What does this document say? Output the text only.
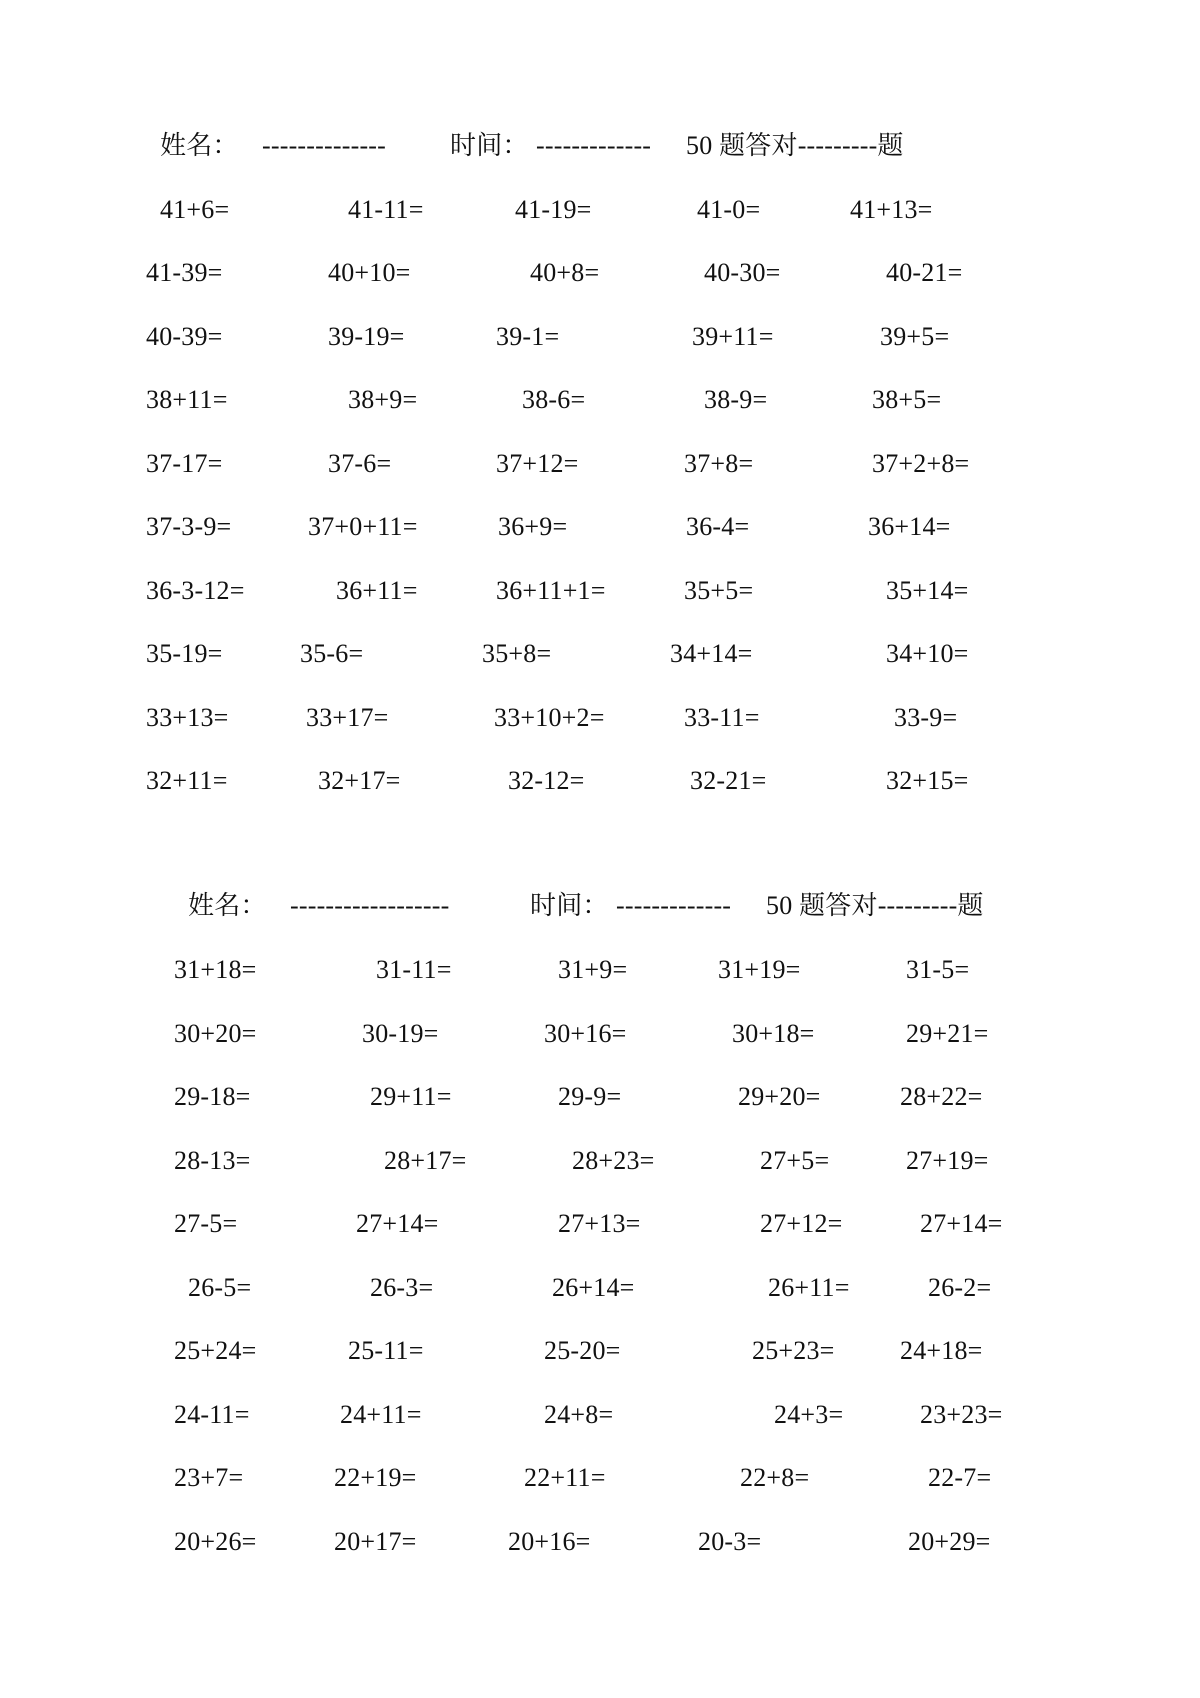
姓名： -------------- 时间： ------------- 50 题答对---------题
41+6=	41-11=	41-19=	41-0=	41+13=
41-39=	40+10=	40+8=	40-30=	40-21=
40-39=	39-19=	39-1=	39+11=	39+5=
38+11=	38+9=	38-6=	38-9=	38+5=
37-17=	37-6=	37+12=	37+8=	37+2+8=
37-3-9=	37+0+11=	36+9=	36-4=	36+14=
36-3-12=	36+11=	36+11+1=	35+5=	35+14=
35-19=	35-6=	35+8=	34+14=	34+10=
33+13=	33+17=	33+10+2=	33-11=	33-9=
32+11=	32+17=	32-12=	32-21=	32+15=
姓名： ------------------	时间： ------------- 50 题答对---------题
31+18=	31-11=	31+9=	31+19=	31-5=
30+20=	30-19=	30+16=	30+18=	29+21=
29-18=	29+11=	29-9=	29+20=	28+22=
28-13=	28+17=	28+23=	27+5=	27+19=
27-5=	27+14=	27+13=	27+12=	27+14=
26-5=	26-3=	26+14=	26+11=	26-2=
25+24=	25-11=	25-20=	25+23=	24+18=
24-11=	24+11=	24+8=	24+3=	23+23=
23+7=	22+19=	22+11=	22+8=	22-7=
20+26=	20+17=	20+16=	20-3=	20+29=
